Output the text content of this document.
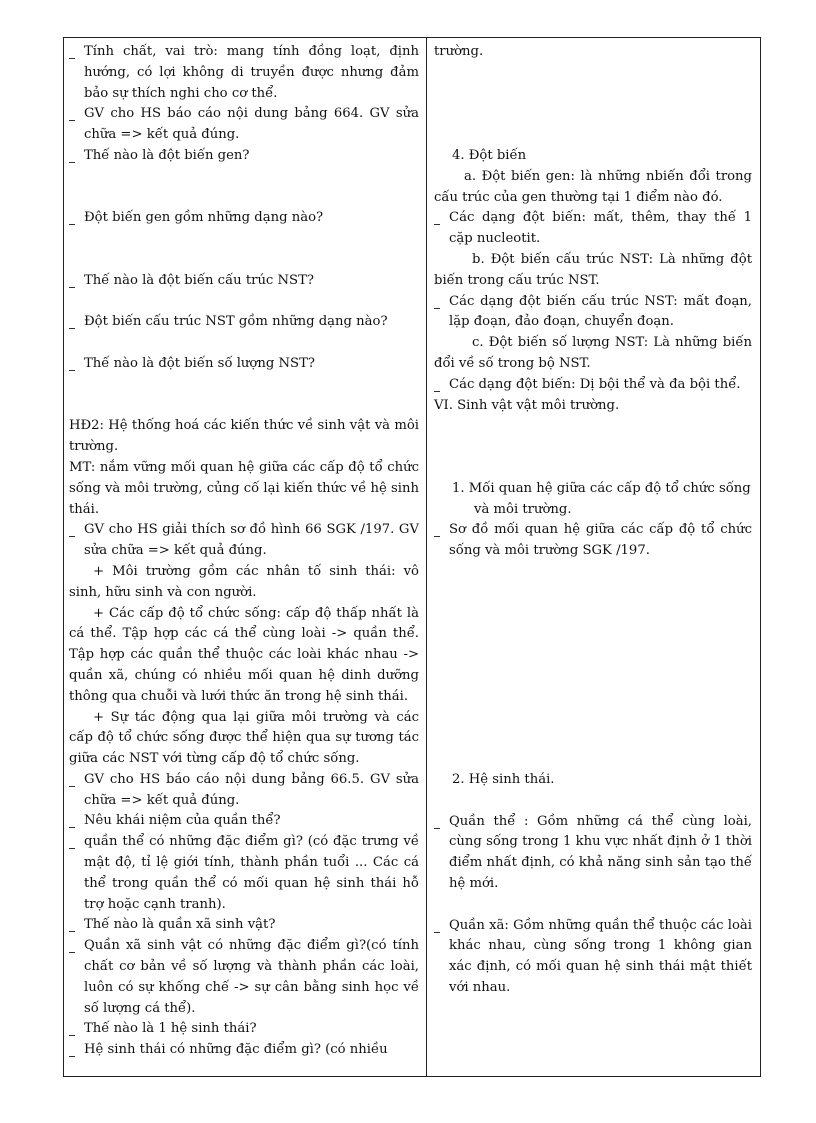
Tính chất, vai trò: mang tính đồng loạt, định hướng, có lợi không di truyền được nhưng đảm bảo sự thích nghi cho cơ thể.

GV cho HS báo cáo nội dung bảng 664. GV sửa chữa => kết quả đúng.

Thế nào là đột biến gen?

Đột biến gen gồm những dạng nào?

Thế nào là đột biến cấu trúc NST?

Đột biến cấu trúc NST gồm những dạng nào?

Thế nào là đột biến số lượng NST?

HĐ2: Hệ thống hoá các kiến thức về sinh vật và môi trường.

MT: nắm vững mối quan hệ giữa các cấp độ tổ chức sống và môi trường, củng cố lại kiến thức về hệ sinh thái.

GV cho HS giải thích sơ đồ hình 66 SGK /197. GV sửa chữa => kết quả đúng.

+ Môi trường gồm các nhân tố sinh thái: vô sinh, hữu sinh và con người.

+ Các cấp độ tổ chức sống: cấp độ thấp nhất là cá thể. Tập hợp các cá thể cùng loài -> quần thể. Tập hợp các quần thể thuộc các loài khác nhau -> quần xã, chúng có nhiều mối quan hệ dinh dưỡng thông qua chuỗi và lưới thức ăn trong hệ sinh thái.

+ Sự tác động qua lại giữa môi trường và các cấp độ tổ chức sống được thể hiện qua sự tương tác giữa các NST với từng cấp độ tổ chức sống.

GV cho HS báo cáo nội dung bảng 66.5. GV sửa chữa => kết quả đúng.

Nêu khái niệm của quần thể?

quần thể có những đặc điểm gì? (có đặc trưng về mật độ, tỉ lệ giới tính, thành phần tuổi ... Các cá thể trong quần thể có mối quan hệ sinh thái hỗ trợ hoặc cạnh tranh).

Thế nào là quần xã sinh vật?

Quần xã sinh vật có những đặc điểm gì?(có tính chất cơ bản về số lượng và thành phần các loài, luôn có sự khống chế -> sự cân bằng sinh học về số lượng cá thể).

Thế nào là 1 hệ sinh thái?

Hệ sinh thái có những đặc điểm gì? (có nhiều

trường.

4. Đột biến

a. Đột biến gen: là những nbiến đổi trong cấu trúc của gen thường tại 1 điểm nào đó.

Các dạng đột biến: mất, thêm, thay thế 1 cặp nucleotit.

b. Đột biến cấu trúc NST: Là những đột biến trong cấu trúc NST.

Các dạng đột biến cấu trúc NST: mất đoạn, lặp đoạn, đảo đoạn, chuyển đoạn.

c. Đột biến số lượng NST: Là những biến đổi về số trong bộ NST.

Các dạng đột biến: Dị bội thể và đa bội thể.

VI. Sinh vật vật môi trường.

1. Mối quan hệ giữa các cấp độ tổ chức sống và môi trường.

Sơ đồ mối quan hệ giữa các cấp độ tổ chức sống và môi trường SGK /197.

2. Hệ sinh thái.

Quần thể : Gồm những cá thể cùng loài, cùng sống trong 1 khu vực nhất định ở 1 thời điểm nhất định, có khả năng sinh sản tạo thế hệ mới.

Quần xã: Gồm những quần thể thuộc các loài khác nhau, cùng sống trong 1 không gian xác định, có mối quan hệ sinh thái mật thiết với nhau.
